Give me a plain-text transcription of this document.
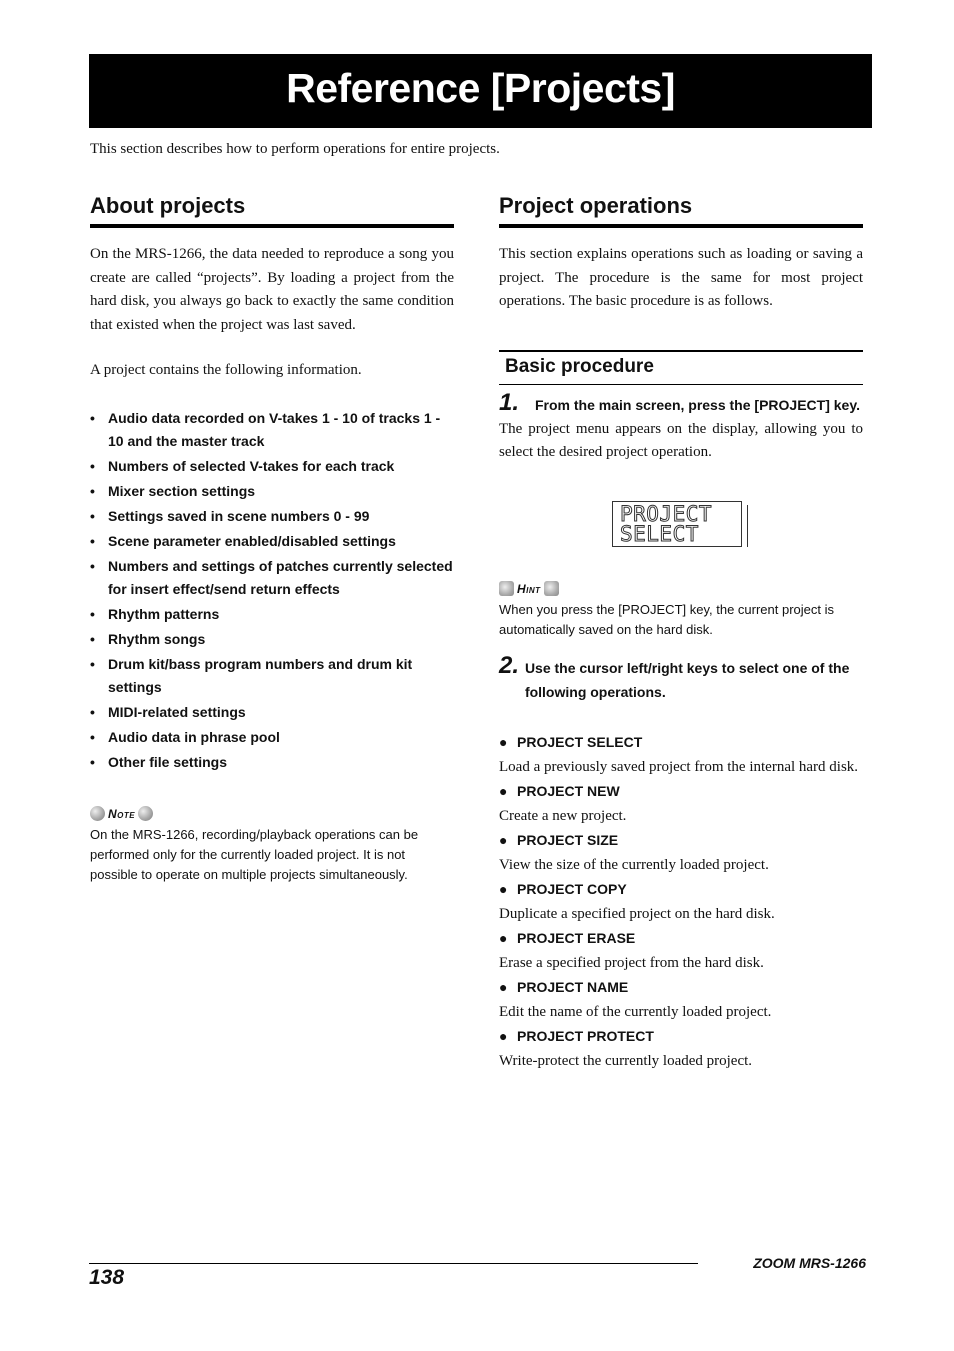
Reference [Projects]
This section describes how to perform operations for entire projects.
About projects

On the MRS-1266, the data needed to reproduce a song you create are called “projects”. By loading a project from the hard disk, you always go back to exactly the same condition that existed when the project was last saved.

A project contains the following information.

• Audio data recorded on V-takes 1 - 10 of tracks 1 - 10 and the master track
• Numbers of selected V-takes for each track
• Mixer section settings
• Settings saved in scene numbers 0 - 99
• Scene parameter enabled/disabled settings
• Numbers and settings of patches currently selected for insert effect/send return effects
• Rhythm patterns
• Rhythm songs
• Drum kit/bass program numbers and drum kit settings
• MIDI-related settings
• Audio data in phrase pool
• Other file settings
Note

On the MRS-1266, recording/playback operations can be performed only for the currently loaded project. It is not possible to operate on multiple projects simultaneously.

Project operations

This section explains operations such as loading or saving a project. The procedure is the same for most project operations. The basic procedure is as follows.

Basic procedure
1.	From the main screen, press the [PROJECT] key.

The project menu appears on the display, allowing you to select the desired project operation.

Hint

When you press the [PROJECT] key, the current project is automatically saved on the hard disk.

2. Use the cursor left/right keys to select one of the following operations.
● PROJECT SELECT

Load a previously saved project from the internal hard disk.

● PROJECT NEW

Create a new project.

● PROJECT SIZE

View the size of the currently loaded project.

● PROJECT COPY

Duplicate a specified project on the hard disk.

● PROJECT ERASE

Erase a specified project from the hard disk.

● PROJECT NAME

Edit the name of the currently loaded project.

● PROJECT PROTECT

Write-protect the currently loaded project.

PROJECT
SELECT
138
ZOOM MRS-1266
